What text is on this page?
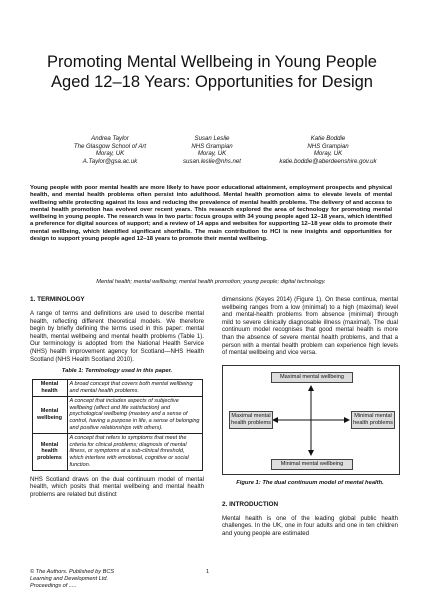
Promoting Mental Wellbeing in Young People
Aged 12–18 Years: Opportunities for Design
Andrea Taylor
The Glasgow School of Art
Moray, UK
A.Taylor@gsa.ac.uk
Susan Leslie
NHS Grampian
Moray, UK
susan.leslie@nhs.net
Katie Boddie
NHS Grampian
Moray, UK
katie.boddie@aberdeenshire.gov.uk
Young people with poor mental health are more likely to have poor educational attainment, employment prospects and physical health, and mental health problems often persist into adulthood. Mental health promotion aims to elevate levels of mental wellbeing while protecting against its loss and reducing the prevalence of mental health problems. The delivery of and access to mental health promotion has evolved over recent years. This research explored the area of technology for promoting mental wellbeing in young people. The research was in two parts: focus groups with 34 young people aged 12–18 years, which identified a preference for digital sources of support; and a review of 14 apps and websites for supporting 12–18 year olds to promote their mental wellbeing, which identified significant shortfalls. The main contribution to HCI is new insights and opportunities for design to support young people aged 12–18 years to promote their mental wellbeing.
Mental health; mental wellbeing; mental health promotion; young people; digital technology.
1. TERMINOLOGY

A range of terms and definitions are used to describe mental health, reflecting different theoretical models. We therefore begin by briefly defining the terms used in this paper: mental health, mental wellbeing and mental health problems (Table 1). Our terminology is adopted from the National Health Service (NHS) health improvement agency for Scotland—NHS Health Scotland (NHS Health Scotland 2010).

Table 1: Terminology used in this paper.
Mental health	A broad concept that covers both mental wellbeing and mental health problems.
Mental wellbeing	A concept that includes aspects of subjective wellbeing (affect and life satisfaction) and psychological wellbeing (mastery and a sense of control, having a purpose in life, a sense of belonging and positive relationships with others).
Mental health problems	A concept that refers to symptoms that meet the criteria for clinical problems; diagnosis of mental illness, or symptoms at a sub-clinical threshold, which interfere with emotional, cognitive or social function.

NHS Scotland draws on the dual continuum model of mental health, which posits that mental wellbeing and mental health problems are related but distinct

dimensions (Keyes 2014) (Figure 1). On these continua, mental wellbeing ranges from a low (minimal) to a high (maximal) level and mental-health problems from absence (minimal) through mild to severe clinically diagnosable illness (maximal). The dual continuum model recognises that good mental health is more than the absence of severe mental health problems, and that a person with a mental health problem can experience high levels of mental wellbeing and vice versa.

Maximal mental wellbeing
Minimal mental wellbeing
Maximal mental health problems
Minimal mental health problems
Figure 1: The dual continuum model of mental health.
2. INTRODUCTION

Mental health is one of the leading global public health challenges. In the UK, one in four adults and one in ten children and young people are estimated

© The Authors. Published by BCS
Learning and Development Ltd.
Proceedings of .....
1
